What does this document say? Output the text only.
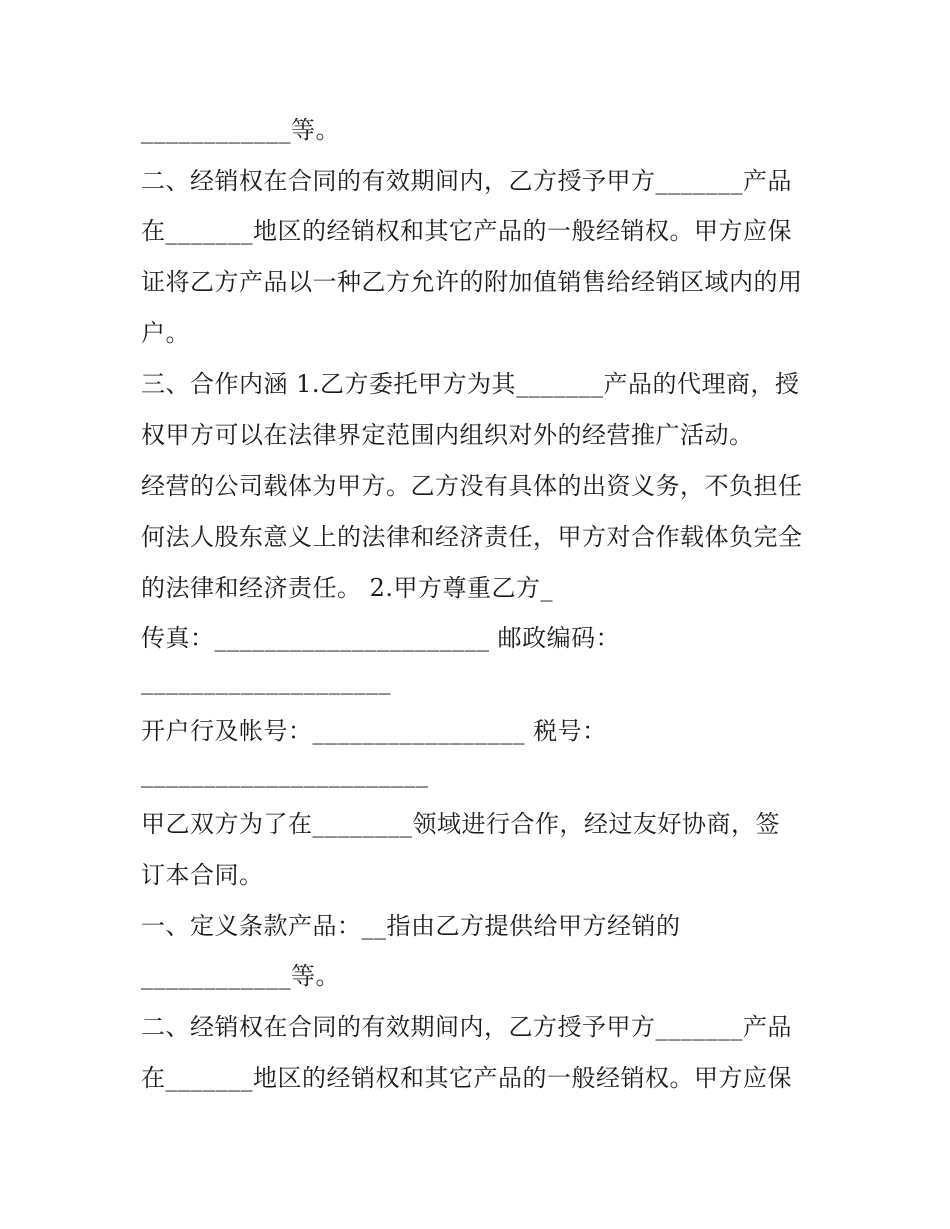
____________等。
二、经销权在合同的有效期间内，乙方授予甲方_______产品
在_______地区的经销权和其它产品的一般经销权。甲方应保
证将乙方产品以一种乙方允许的附加值销售给经销区域内的用
户。
三、合作内涵 1.乙方委托甲方为其_______产品的代理商，授
权甲方可以在法律界定范围内组织对外的经营推广活动。
经营的公司载体为甲方。乙方没有具体的出资义务，不负担任
何法人股东意义上的法律和经济责任，甲方对合作载体负完全
的法律和经济责任。 2.甲方尊重乙方_
传真：______________________ 邮政编码：
____________________
开户行及帐号：_________________ 税号：
_______________________
甲乙双方为了在________领域进行合作，经过友好协商，签
订本合同。
一、定义条款产品：__指由乙方提供给甲方经销的
____________等。
二、经销权在合同的有效期间内，乙方授予甲方_______产品
在_______地区的经销权和其它产品的一般经销权。甲方应保
